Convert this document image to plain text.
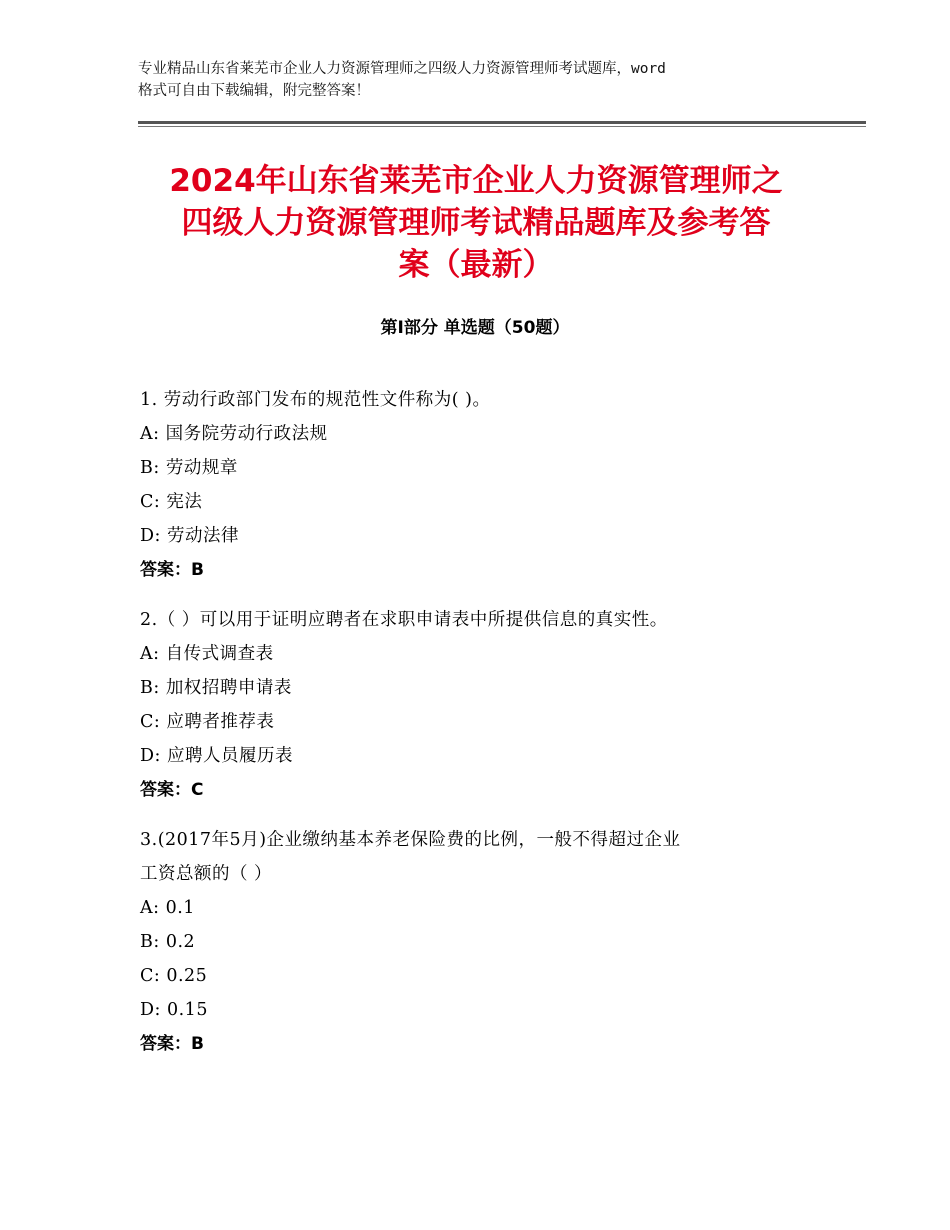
专业精品山东省莱芜市企业人力资源管理师之四级人力资源管理师考试题库，word
格式可自由下载编辑，附完整答案！
2024年山东省莱芜市企业人力资源管理师之
四级人力资源管理师考试精品题库及参考答
案（最新）
第Ⅰ部分 单选题（50题）
1. 劳动行政部门发布的规范性文件称为( )。
A: 国务院劳动行政法规
B: 劳动规章
C: 宪法
D: 劳动法律
答案：B
2.（ ）可以用于证明应聘者在求职申请表中所提供信息的真实性。
A: 自传式调查表
B: 加权招聘申请表
C: 应聘者推荐表
D: 应聘人员履历表
答案：C
3.(2017年5月)企业缴纳基本养老保险费的比例，一般不得超过企业
工资总额的（ ）
A: 0.1
B: 0.2
C: 0.25
D: 0.15
答案：B
